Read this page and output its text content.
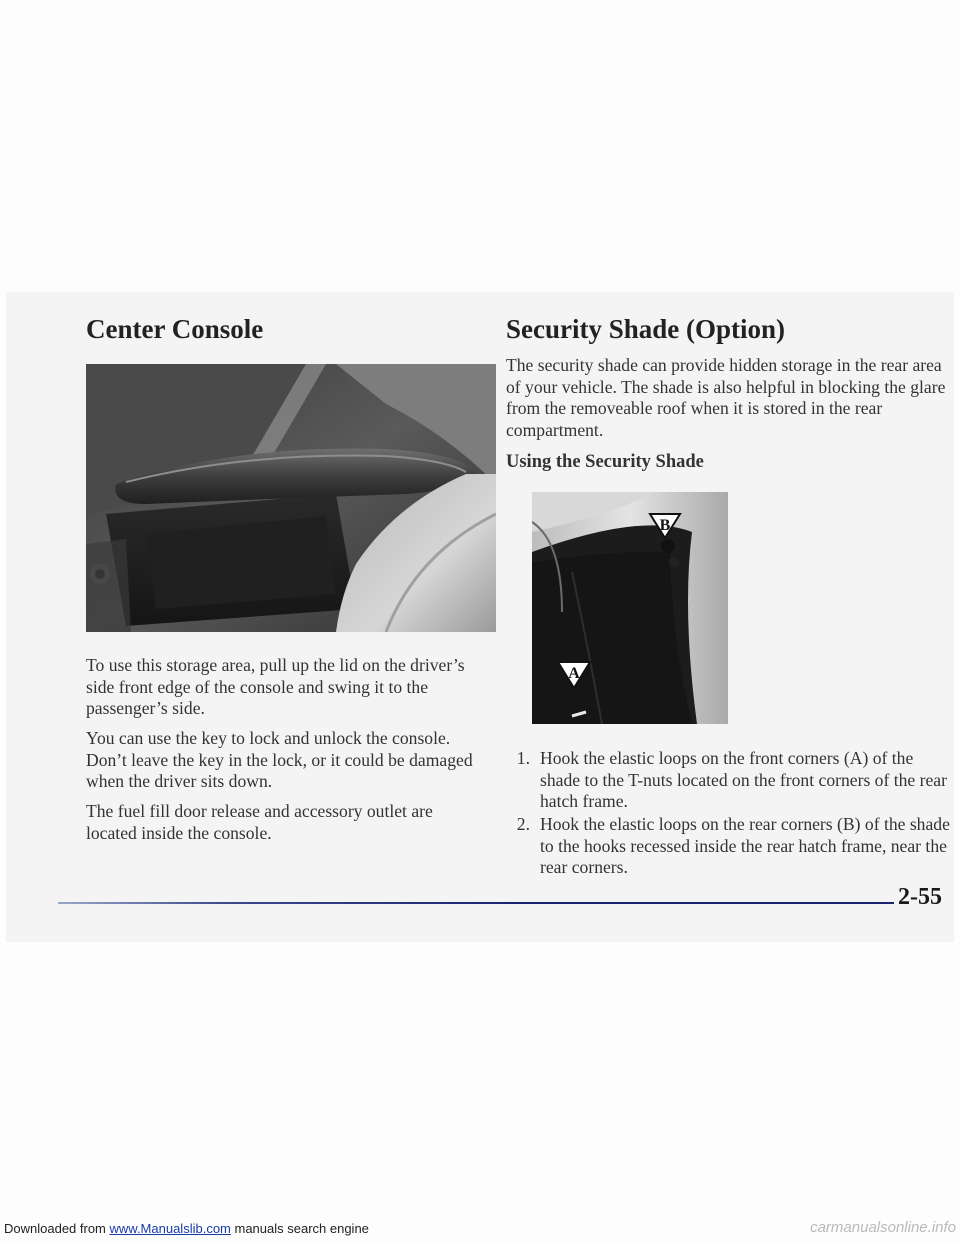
Center Console

To use this storage area, pull up the lid on the driver’s side front edge of the console and swing it to the passenger’s side.

You can use the key to lock and unlock the console. Don’t leave the key in the lock, or it could be damaged when the driver sits down.

The fuel fill door release and accessory outlet are located inside the console.

Security Shade (Option)

The security shade can provide hidden storage in the rear area of your vehicle. The shade is also helpful in blocking the glare from the removeable roof when it is stored in the rear compartment.

Using the Security Shade
B
A
1. Hook the elastic loops on the front corners (A) of the shade to the T-nuts located on the front corners of the rear hatch frame.
2. Hook the elastic loops on the rear corners (B) of the shade to the hooks recessed inside the rear hatch frame, near the rear corners.
2-55
Downloaded from www.Manualslib.com manuals search engine	carmanualsonline.info
